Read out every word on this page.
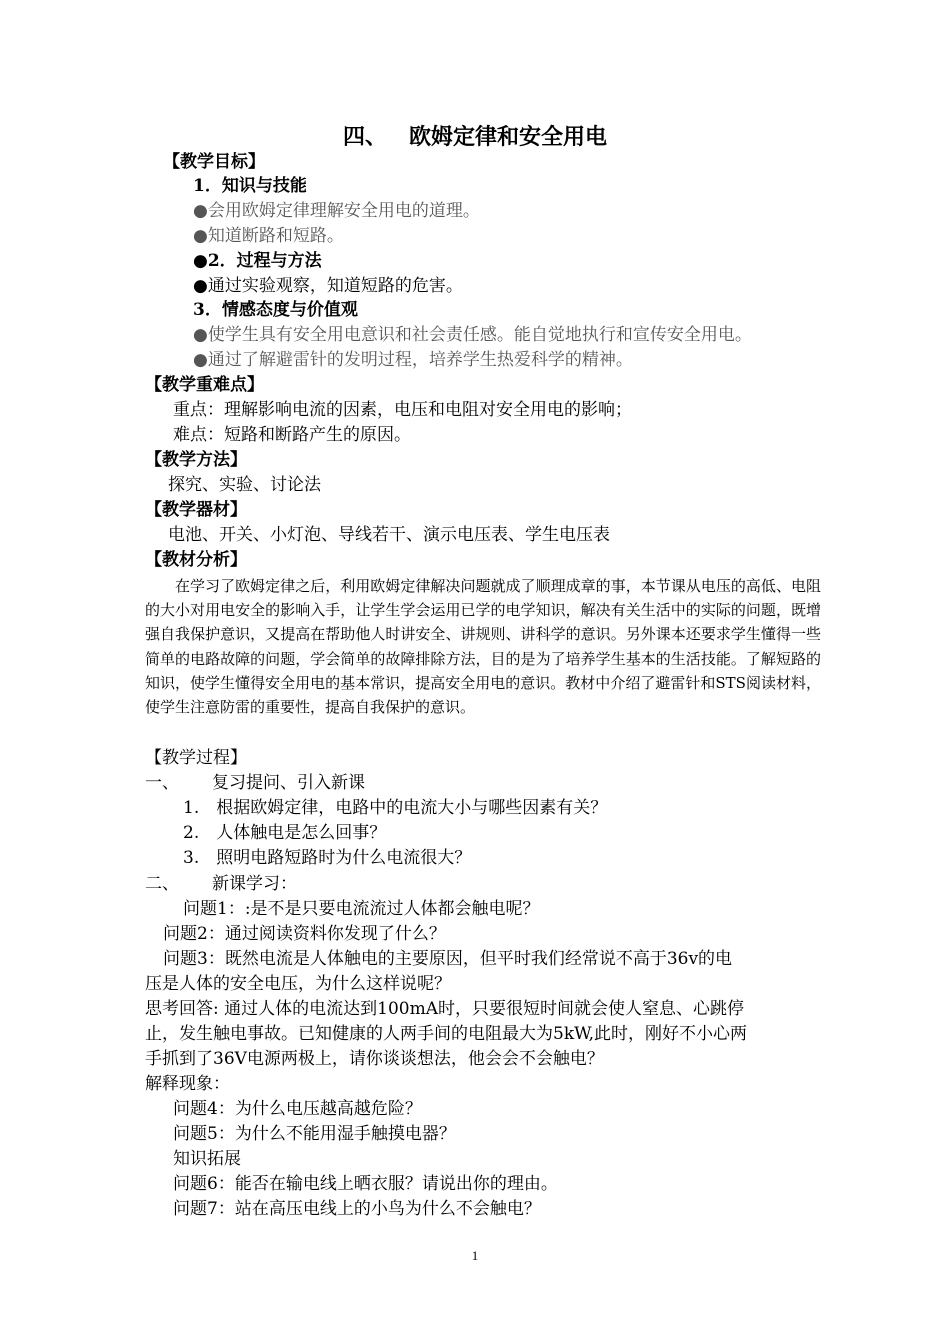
四、 欧姆定律和安全用电
【教学目标】
1．知识与技能
●会用欧姆定律理解安全用电的道理。
●知道断路和短路。
●2．过程与方法
●通过实验观察，知道短路的危害。
3．情感态度与价值观
●使学生具有安全用电意识和社会责任感。能自觉地执行和宣传安全用电。
●通过了解避雷针的发明过程，培养学生热爱科学的精神。
【教学重难点】
重点：理解影响电流的因素，电压和电阻对安全用电的影响；
难点：短路和断路产生的原因。
【教学方法】
探究、实验、讨论法
【教学器材】
电池、开关、小灯泡、导线若干、演示电压表、学生电压表
【教材分析】
在学习了欧姆定律之后，利用欧姆定律解决问题就成了顺理成章的事，本节课从电压的高低、电阻的大小对用电安全的影响入手，让学生学会运用已学的电学知识，解决有关生活中的实际的问题，既增强自我保护意识，又提高在帮助他人时讲安全、讲规则、讲科学的意识。另外课本还要求学生懂得一些简单的电路故障的问题，学会简单的故障排除方法，目的是为了培养学生基本的生活技能。了解短路的知识，使学生懂得安全用电的基本常识，提高安全用电的意识。教材中介绍了避雷针和STS阅读材料，使学生注意防雷的重要性，提高自我保护的意识。
【教学过程】
一、 复习提问、引入新课
1.　根据欧姆定律，电路中的电流大小与哪些因素有关？
2.　人体触电是怎么回事？
3.　照明电路短路时为什么电流很大？
二、 新课学习：
问题1：:是不是只要电流流过人体都会触电呢？
问题2：通过阅读资料你发现了什么？
问题3：既然电流是人体触电的主要原因，但平时我们经常说不高于36v的电
压是人体的安全电压，为什么这样说呢？
思考回答: 通过人体的电流达到100mA时，只要很短时间就会使人窒息、心跳停
止，发生触电事故。已知健康的人两手间的电阻最大为5kW,此时，刚好不小心两
手抓到了36V电源两极上，请你谈谈想法，他会会不会触电？
解释现象：
问题4：为什么电压越高越危险？
问题5：为什么不能用湿手触摸电器？
知识拓展
问题6：能否在输电线上晒衣服？请说出你的理由。
问题7：站在高压电线上的小鸟为什么不会触电？
1
